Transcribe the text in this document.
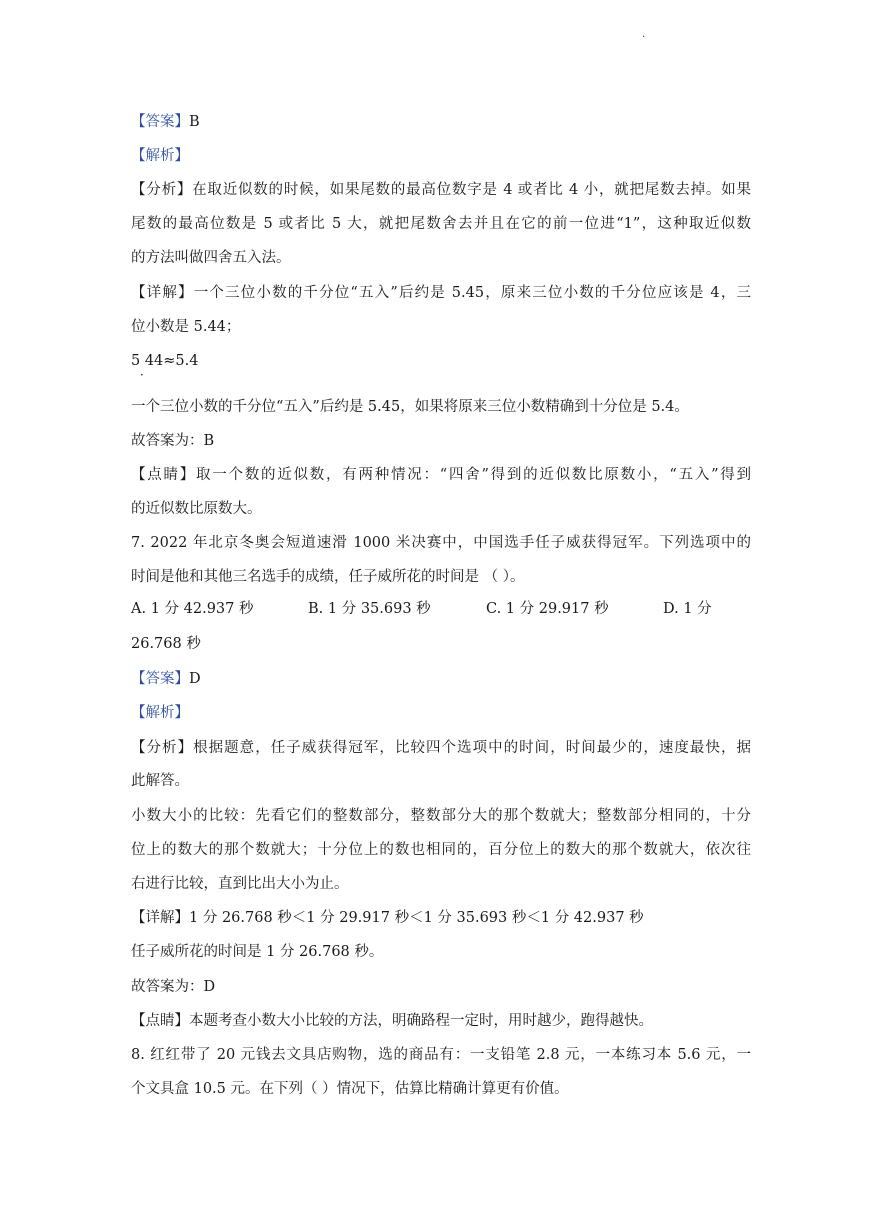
·
【答案】B
【解析】
【分析】在取近似数的时候，如果尾数的最高位数字是 4 或者比 4 小，就把尾数去掉。如果
尾数的最高位数是 5 或者比 5 大，就把尾数舍去并且在它的前一位进“1”，这种取近似数
的方法叫做四舍五入法。
【详解】一个三位小数的千分位“五入”后约是 5.45，原来三位小数的千分位应该是 4，三
位小数是 5.44；
5 44≈5.4
·
一个三位小数的千分位“五入”后约是 5.45，如果将原来三位小数精确到十分位是 5.4。
故答案为：B
【点睛】取一个数的近似数，有两种情况：“四舍”得到的近似数比原数小，“五入”得到
的近似数比原数大。
7. 2022 年北京冬奥会短道速滑 1000 米决赛中，中国选手任子威获得冠军。下列选项中的
时间是他和其他三名选手的成绩，任子威所花的时间是 （ ）。
A. 1 分 42.937 秒	B. 1 分 35.693 秒	C. 1 分 29.917 秒	D. 1 分
26.768 秒
【答案】D
【解析】
【分析】根据题意，任子威获得冠军，比较四个选项中的时间，时间最少的，速度最快，据
此解答。
小数大小的比较：先看它们的整数部分，整数部分大的那个数就大；整数部分相同的，十分
位上的数大的那个数就大；十分位上的数也相同的，百分位上的数大的那个数就大，依次往
右进行比较，直到比出大小为止。
【详解】1 分 26.768 秒＜1 分 29.917 秒＜1 分 35.693 秒＜1 分 42.937 秒
任子威所花的时间是 1 分 26.768 秒。
故答案为：D
【点睛】本题考查小数大小比较的方法，明确路程一定时，用时越少，跑得越快。
8. 红红带了 20 元钱去文具店购物，选的商品有：一支铅笔 2.8 元，一本练习本 5.6 元，一
个文具盒 10.5 元。在下列（ ）情况下，估算比精确计算更有价值。
